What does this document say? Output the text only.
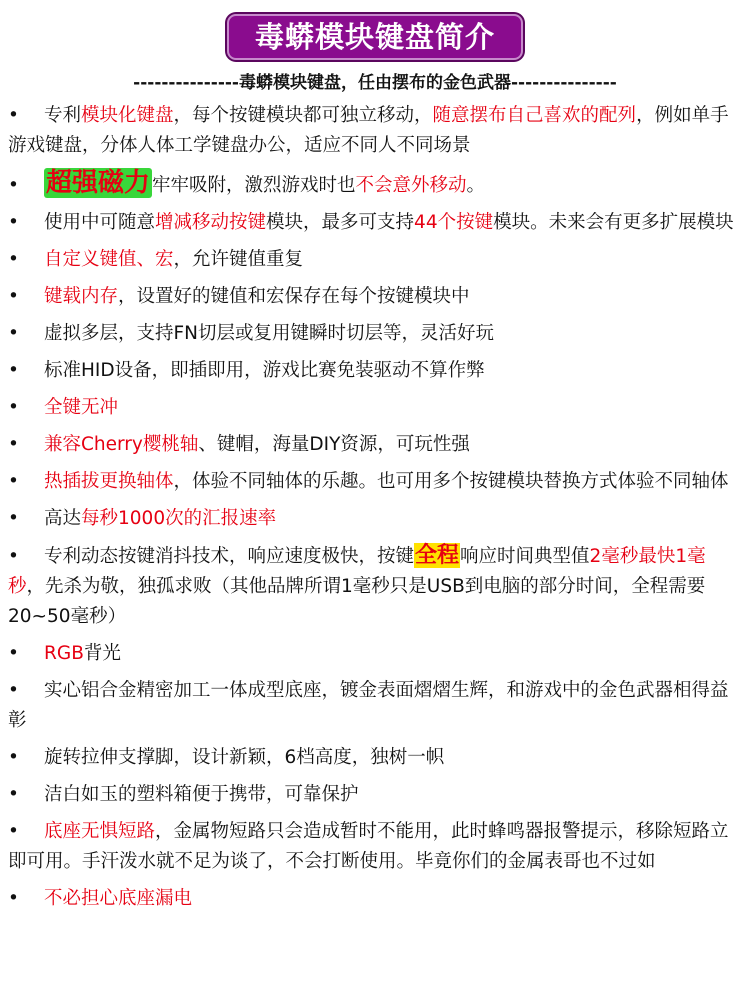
毒蟒模块键盘简介
---------------毒蟒模块键盘，任由摆布的金色武器---------------
• 专利模块化键盘，每个按键模块都可独立移动，随意摆布自己喜欢的配列，例如单手游戏键盘，分体人体工学键盘办公，适应不同人不同场景
• 超强磁力 牢牢吸附，激烈游戏时也不会意外移动。
• 使用中可随意增减移动按键模块，最多可支持44个按键模块。未来会有更多扩展模块
• 自定义键值、宏，允许键值重复
• 键载内存，设置好的键值和宏保存在每个按键模块中
• 虚拟多层，支持FN切层或复用键瞬时切层等，灵活好玩
• 标准HID设备，即插即用，游戏比赛免装驱动不算作弊
• 全键无冲
• 兼容Cherry樱桃轴、键帽，海量DIY资源，可玩性强
• 热插拔更换轴体，体验不同轴体的乐趣。也可用多个按键模块替换方式体验不同轴体
• 高达每秒1000次的汇报速率
• 专利动态按键消抖技术，响应速度极快，按键全程响应时间典型值2毫秒最快1毫秒，先杀为敬，独孤求败（其他品牌所谓1毫秒只是USB到电脑的部分时间，全程需要20~50毫秒）
• RGB背光
• 实心铝合金精密加工一体成型底座，镀金表面熠熠生辉，和游戏中的金色武器相得益彰
• 旋转拉伸支撑脚，设计新颖，6档高度，独树一帜
• 洁白如玉的塑料箱便于携带，可靠保护
• 底座无惧短路，金属物短路只会造成暂时不能用，此时蜂鸣器报警提示，移除短路立即可用。手汗泼水就不足为谈了，不会打断使用。毕竟你们的金属表哥也不过如
• 不必担心底座漏电
